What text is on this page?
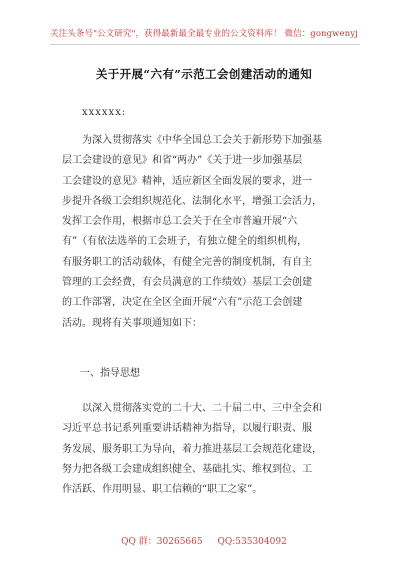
关注头条号"公文研究"，获得最新最全最专业的公文资料库！ 微信：gongwenyj
关于开展“六有”示范工会创建活动的通知
xxxxxx:
为深入贯彻落实《中华全国总工会关于新形势下加强基
层工会建设的意见》和省“两办”《关于进一步加强基层
工会建设的意见》精神，适应新区全面发展的要求，进一
步提升各级工会组织规范化、法制化水平，增强工会活力，
发挥工会作用，根据市总工会关于在全市普遍开展“六
有”（有依法选举的工会班子，有独立健全的组织机构，
有服务职工的活动载体，有健全完善的制度机制，有自主
管理的工会经费，有会员满意的工作绩效）基层工会创建
的工作部署，决定在全区全面开展“六有”示范工会创建
活动。现将有关事项通知如下：
一、指导思想
以深入贯彻落实党的二十大、二十届二中、三中全会和
习近平总书记系列重要讲话精神为指导，以履行职责、服
务发展、服务职工为导向，着力推进基层工会规范化建设，
努力把各级工会建成组织健全、基础扎实、维权到位、工
作活跃、作用明显、职工信赖的“职工之家”。
QQ 群：30265665 QQ:535304092
